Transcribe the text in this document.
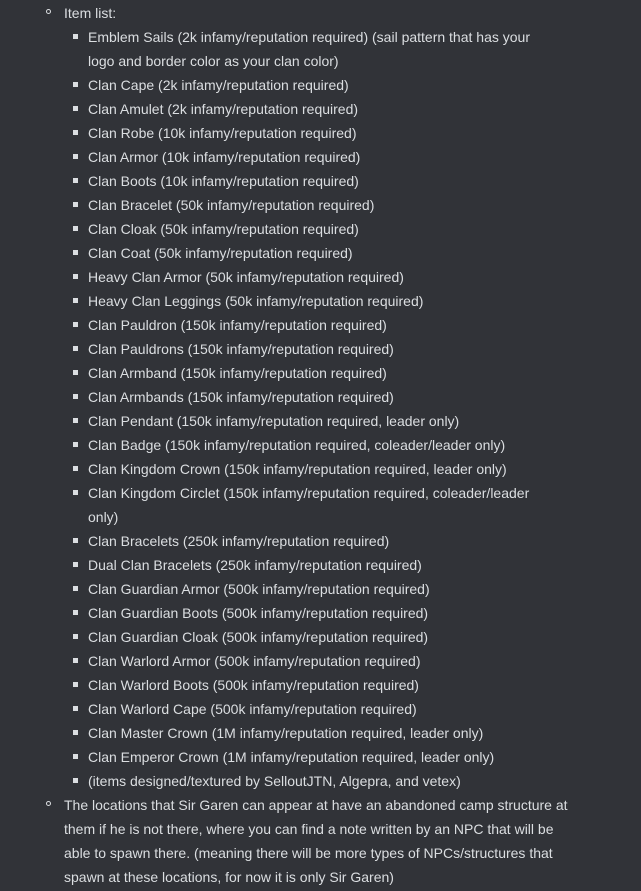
Item list:
Emblem Sails (2k infamy/reputation required) (sail pattern that has your logo and border color as your clan color)
Clan Cape (2k infamy/reputation required)
Clan Amulet (2k infamy/reputation required)
Clan Robe (10k infamy/reputation required)
Clan Armor (10k infamy/reputation required)
Clan Boots (10k infamy/reputation required)
Clan Bracelet (50k infamy/reputation required)
Clan Cloak (50k infamy/reputation required)
Clan Coat (50k infamy/reputation required)
Heavy Clan Armor (50k infamy/reputation required)
Heavy Clan Leggings (50k infamy/reputation required)
Clan Pauldron (150k infamy/reputation required)
Clan Pauldrons (150k infamy/reputation required)
Clan Armband (150k infamy/reputation required)
Clan Armbands (150k infamy/reputation required)
Clan Pendant (150k infamy/reputation required, leader only)
Clan Badge (150k infamy/reputation required, coleader/leader only)
Clan Kingdom Crown (150k infamy/reputation required, leader only)
Clan Kingdom Circlet (150k infamy/reputation required, coleader/leader only)
Clan Bracelets (250k infamy/reputation required)
Dual Clan Bracelets (250k infamy/reputation required)
Clan Guardian Armor (500k infamy/reputation required)
Clan Guardian Boots (500k infamy/reputation required)
Clan Guardian Cloak (500k infamy/reputation required)
Clan Warlord Armor (500k infamy/reputation required)
Clan Warlord Boots (500k infamy/reputation required)
Clan Warlord Cape (500k infamy/reputation required)
Clan Master Crown (1M infamy/reputation required, leader only)
Clan Emperor Crown (1M infamy/reputation required, leader only)
(items designed/textured by SelloutJTN, Algepra, and vetex)
The locations that Sir Garen can appear at have an abandoned camp structure at them if he is not there, where you can find a note written by an NPC that will be able to spawn there. (meaning there will be more types of NPCs/structures that spawn at these locations, for now it is only Sir Garen)
